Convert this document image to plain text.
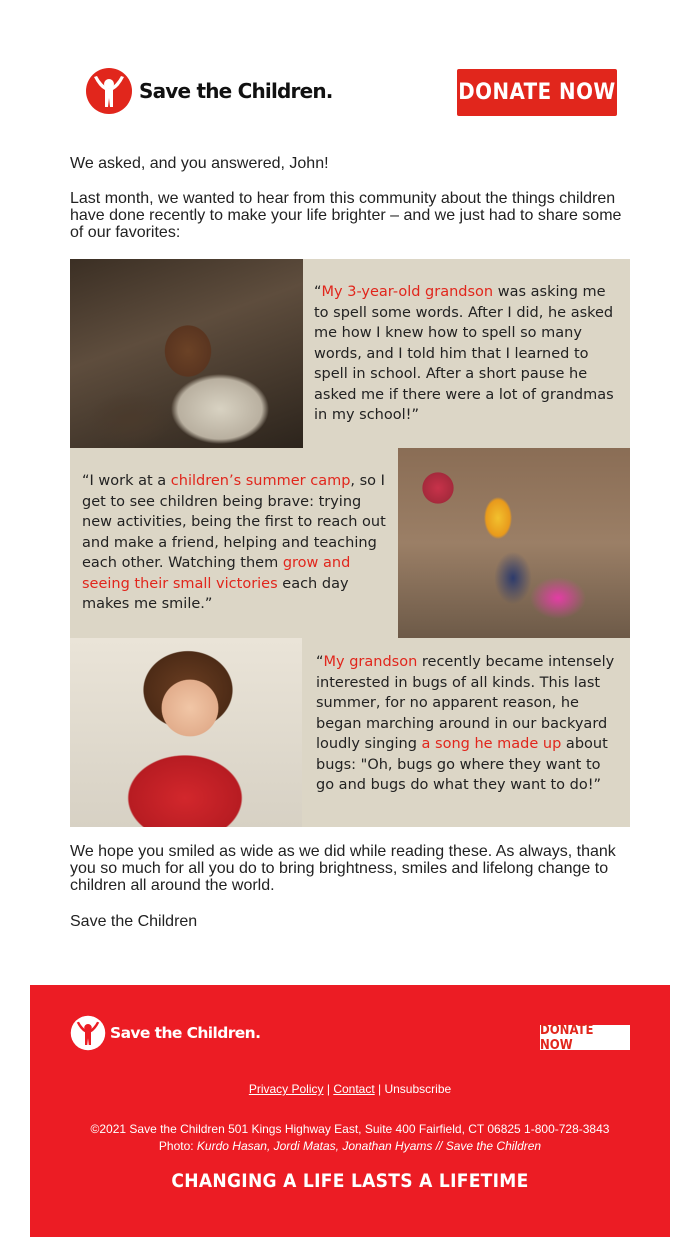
Save the Children.	DONATE NOW

We asked, and you answered, John!

Last month, we wanted to hear from this community about the things children have done recently to make your life brighter – and we just had to share some of our favorites:

“My 3-year-old grandson was asking me to spell some words. After I did, he asked me how I knew how to spell so many words, and I told him that I learned to spell in school. After a short pause he asked me if there were a lot of grandmas in my school!”
“I work at a children’s summer camp, so I get to see children being brave: trying new activities, being the first to reach out and make a friend, helping and teaching each other. Watching them grow and seeing their small victories each day makes me smile.”
“My grandson recently became intensely interested in bugs of all kinds. This last summer, for no apparent reason, he began marching around in our backyard loudly singing a song he made up about bugs: "Oh, bugs go where they want to go and bugs do what they want to do!”

We hope you smiled as wide as we did while reading these. As always, thank you so much for all you do to bring brightness, smiles and lifelong change to children all around the world.

Save the Children

Save the Children.	DONATE NOW
Privacy Policy | Contact | Unsubscribe
©2021 Save the Children 501 Kings Highway East, Suite 400 Fairfield, CT 06825 1-800-728-3843
Photo: Kurdo Hasan, Jordi Matas, Jonathan Hyams // Save the Children
CHANGING A LIFE LASTS A LIFETIME
